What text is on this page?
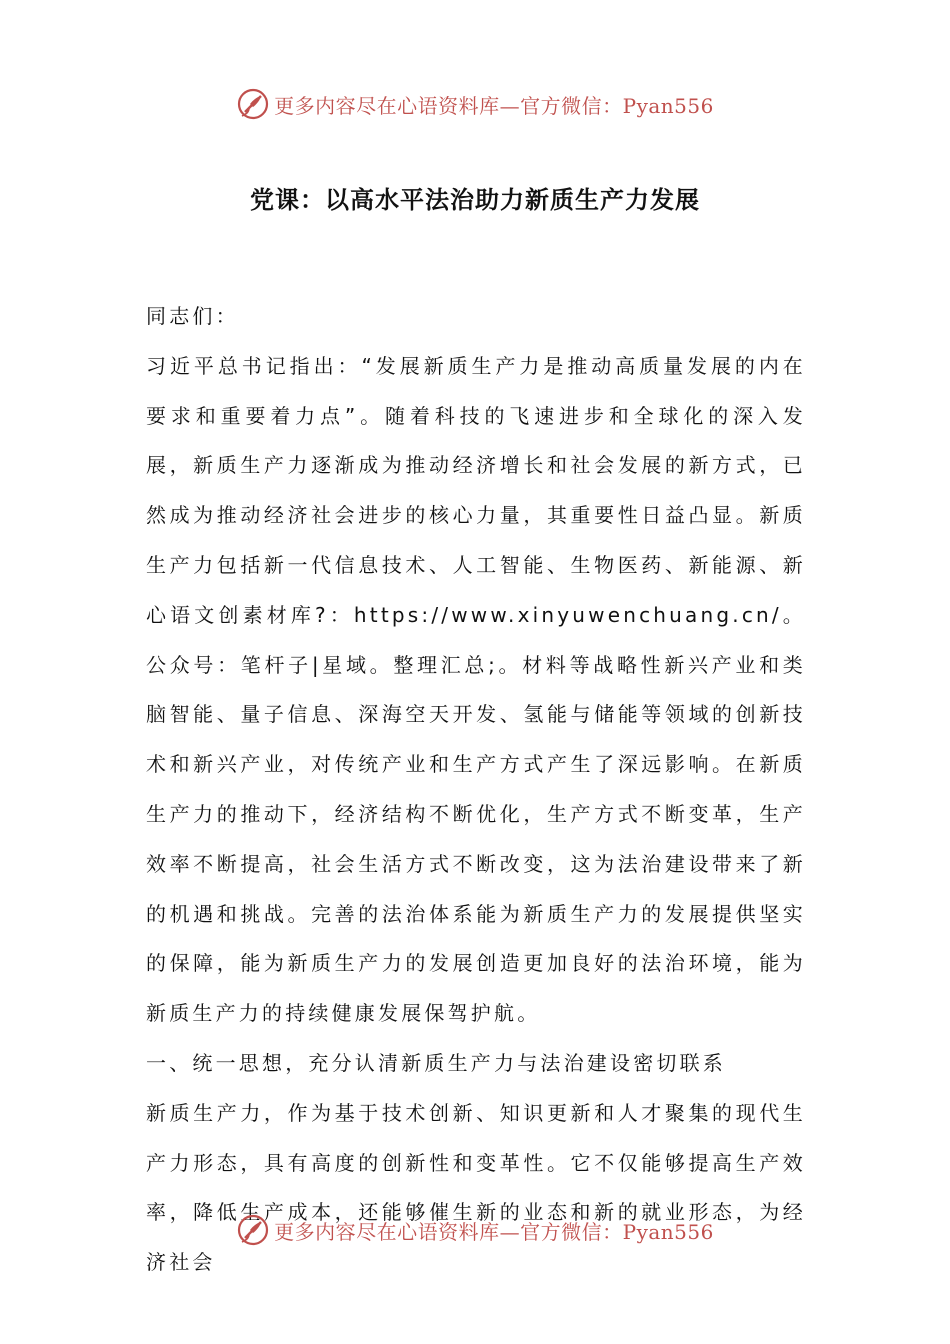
更多内容尽在心语资料库—官方微信：Pyan556
党课：以高水平法治助力新质生产力发展

同志们：

习近平总书记指出：“发展新质生产力是推动高质量发展的内在要求和重要着力点”。随着科技的飞速进步和全球化的深入发展，新质生产力逐渐成为推动经济增长和社会发展的新方式，已然成为推动经济社会进步的核心力量，其重要性日益凸显。新质生产力包括新一代信息技术、人工智能、生物医药、新能源、新心语文创素材库?：https://www.xinyuwenchuang.cn/。公众号：笔杆子|星域。整理汇总;。材料等战略性新兴产业和类脑智能、量子信息、深海空天开发、氢能与储能等领域的创新技术和新兴产业，对传统产业和生产方式产生了深远影响。在新质生产力的推动下，经济结构不断优化，生产方式不断变革，生产效率不断提高，社会生活方式不断改变，这为法治建设带来了新的机遇和挑战。完善的法治体系能为新质生产力的发展提供坚实的保障，能为新质生产力的发展创造更加良好的法治环境，能为新质生产力的持续健康发展保驾护航。

一、统一思想，充分认清新质生产力与法治建设密切联系

新质生产力，作为基于技术创新、知识更新和人才聚集的现代生产力形态，具有高度的创新性和变革性。它不仅能够提高生产效率，降低生产成本，还能够催生新的业态和新的就业形态，为经济社会

更多内容尽在心语资料库—官方微信：Pyan556
